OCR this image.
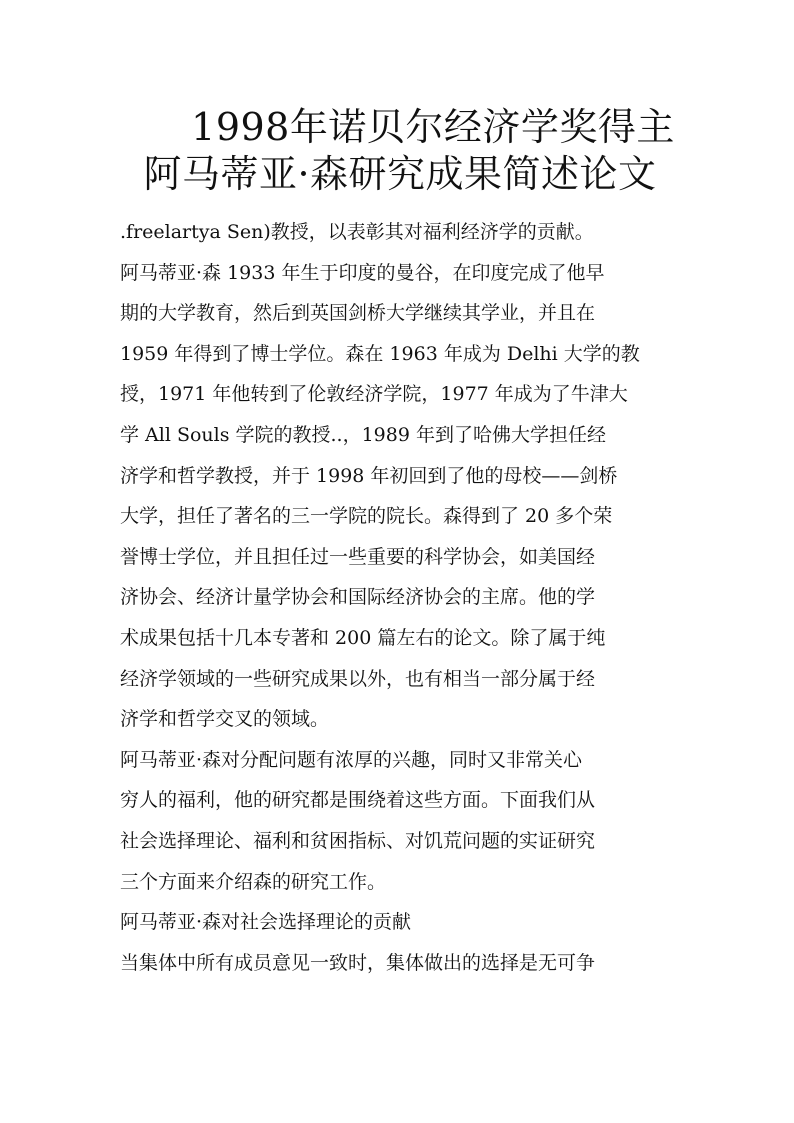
1998年诺贝尔经济学奖得主
阿马蒂亚·森研究成果简述论文
.freelartya Sen)教授，以表彰其对福利经济学的贡献。
阿马蒂亚·森 1933 年生于印度的曼谷，在印度完成了他早
期的大学教育，然后到英国剑桥大学继续其学业，并且在
1959 年得到了博士学位。森在 1963 年成为 Delhi 大学的教
授，1971 年他转到了伦敦经济学院，1977 年成为了牛津大
学 All Souls 学院的教授..，1989 年到了哈佛大学担任经
济学和哲学教授，并于 1998 年初回到了他的母校——剑桥
大学，担任了著名的三一学院的院长。森得到了 20 多个荣
誉博士学位，并且担任过一些重要的科学协会，如美国经
济协会、经济计量学协会和国际经济协会的主席。他的学
术成果包括十几本专著和 200 篇左右的论文。除了属于纯
经济学领域的一些研究成果以外，也有相当一部分属于经
济学和哲学交叉的领域。
阿马蒂亚·森对分配问题有浓厚的兴趣，同时又非常关心
穷人的福利，他的研究都是围绕着这些方面。下面我们从
社会选择理论、福利和贫困指标、对饥荒问题的实证研究
三个方面来介绍森的研究工作。
阿马蒂亚·森对社会选择理论的贡献
当集体中所有成员意见一致时，集体做出的选择是无可争
